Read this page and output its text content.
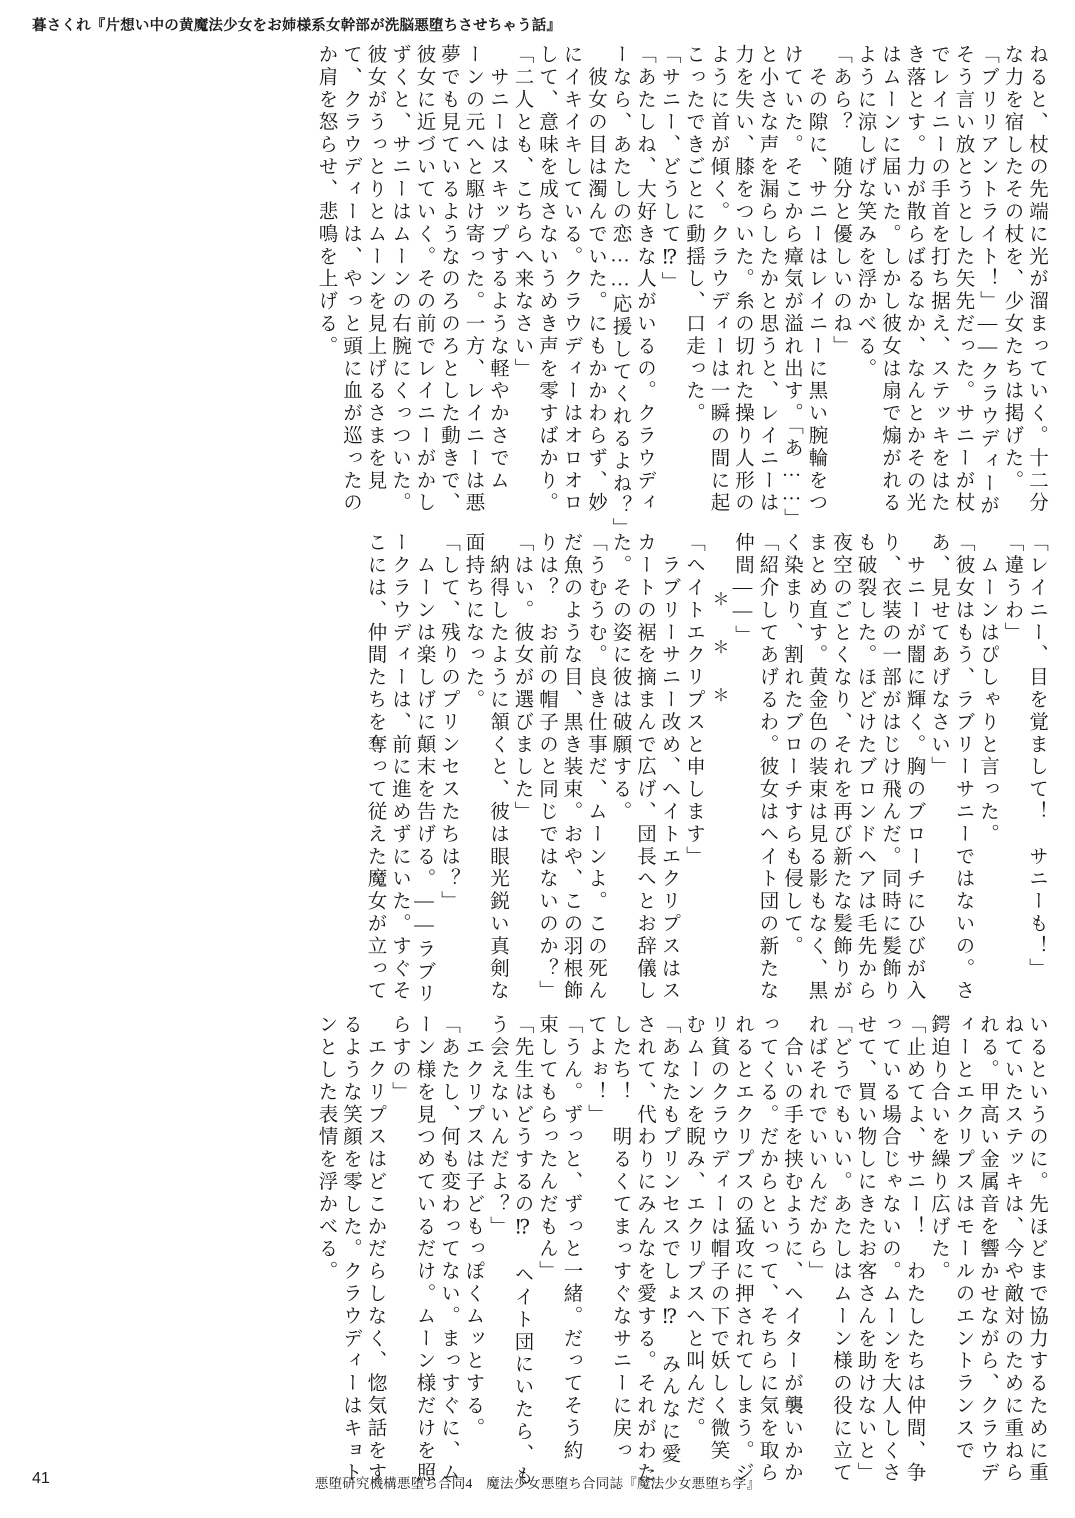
暮さくれ『片想い中の黄魔法少女をお姉様系女幹部が洗脳悪堕ちさせちゃう話』
ねると、杖の先端に光が溜まっていく。十二分
な力を宿したその杖を、少女たちは掲げた。
「ブリリアントライト！」――クラウディーが
そう言い放とうとした矢先だった。サニーが杖
でレイニーの手首を打ち据え、ステッキをはた
き落とす。力が散らばるなか、なんとかその光
はムーンに届いた。しかし彼女は扇で煽がれる
ように涼しげな笑みを浮かべる。
「あら？　随分と優しいのね」
　その隙に、サニーはレイニーに黒い腕輪をつ
けていた。そこから瘴気が溢れ出す。「あ……」
と小さな声を漏らしたかと思うと、レイニーは
力を失い、膝をついた。糸の切れた操り人形の
ように首が傾く。クラウディーは一瞬の間に起
こったできごとに動揺し、口走った。
「サニー、どうして⁉」
「あたしね、大好きな人がいるの。クラウディ
ーなら、あたしの恋……応援してくれるよね？」
　彼女の目は濁んでいた。にもかかわらず、妙
にイキイキしている。クラウディーはオロオロ
して、意味を成さないうめき声を零すばかり。
「二人とも、こちらへ来なさい」
　サニーはスキップするような軽やかさでム
ーンの元へと駆け寄った。一方、レイニーは悪
夢でも見ているようなのろのろとした動きで、
彼女に近づいていく。その前でレイニーがかし
ずくと、サニーはムーンの右腕にくっついた。
彼女がうっとりとムーンを見上げるさまを見
て、クラウディーは、やっと頭に血が巡ったの
か肩を怒らせ、悲鳴を上げる。
「レイニー、目を覚まして！　サニーも！」
「違うわ」
　ムーンはぴしゃりと言った。
「彼女はもう、ラブリーサニーではないの。さ
あ、見せてあげなさい」
　サニーが闇に輝く。胸のブローチにひびが入
り、衣装の一部がはじけ飛んだ。同時に髪飾り
も破裂した。ほどけたブロンドヘアは毛先から
夜空のごとくなり、それを再び新たな髪飾りが
まとめ直す。黄金色の装束は見る影もなく、黒
く染まり、割れたブローチすらも侵して。
「紹介してあげるわ。彼女はヘイト団の新たな
仲間――」
＊ ＊ ＊
「ヘイトエクリプスと申します」
　ラブリーサニー改め、ヘイトエクリプスはス
カートの裾を摘まんで広げ、団長へとお辞儀し
た。その姿に彼は破願する。
「うむうむ。良き仕事だ、ムーンよ。この死ん
だ魚のような目、黒き装束。おや、この羽根飾
りは？　お前の帽子のと同じではないのか？」
「はい。彼女が選びました」
　納得したように頷くと、彼は眼光鋭い真剣な
面持ちになった。
「して、残りのプリンセスたちは？」
　ムーンは楽しげに顛末を告げる。――ラブリ
ークラウディーは、前に進めずにいた。すぐそ
こには、仲間たちを奪って従えた魔女が立って
いるというのに。先ほどまで協力するために重
ねていたステッキは、今や敵対のために重ねら
れる。甲高い金属音を響かせながら、クラウデ
ィーとエクリプスはモールのエントランスで
鍔迫り合いを繰り広げた。
「止めてよ、サニー！　わたしたちは仲間、争
っている場合じゃないの。ムーンを大人しくさ
せて、買い物しにきたお客さんを助けないと」
「どうでもいい。あたしはムーン様の役に立て
ればそれでいいんだから」
　合いの手を挟むように、ヘイターが襲いかか
ってくる。だからといって、そちらに気を取ら
れるとエクリプスの猛攻に押されてしまう。ジ
リ貧のクラウディーは帽子の下で妖しく微笑
むムーンを睨み、エクリプスへと叫んだ。
「あなたもプリンセスでしょ⁉　みんなに愛
されて、代わりにみんなを愛する。それがわた
したち！　明るくてまっすぐなサニーに戻っ
てよぉ！」
「うん。ずっと、ずっと一緒。だってそう約
束してもらったんだもん」
「先生はどうするの⁉　ヘイト団にいたら、も
う会えないんだよ？」
　エクリプスは子どもっぽくムッとする。
「あたし、何も変わってない。まっすぐに、ム
ーン様を見つめているだけ。ムーン様だけを照
らすの」
　エクリプスはどこかだらしなく、惚気話をす
るような笑顔を零した。クラウディーはキョト
ンとした表情を浮かべる。
41	悪堕研究機構悪堕ち合同4　魔法少女悪堕ち合同誌『魔法少女悪堕ち学』
